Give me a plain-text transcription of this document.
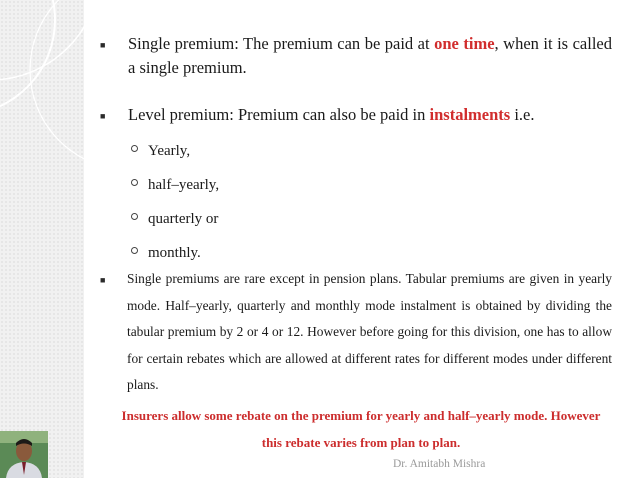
■ Single premium: The premium can be paid at one time, when it is called a single premium.
■ Level premium: Premium can also be paid in instalments i.e.
Yearly,
half–yearly,
quarterly or
monthly.
■ Single premiums are rare except in pension plans. Tabular premiums are given in yearly mode. Half–yearly, quarterly and monthly mode instalment is obtained by dividing the tabular premium by 2 or 4 or 12. However before going for this division, one has to allow for certain rebates which are allowed at different rates for different modes under different plans.
Insurers allow some rebate on the premium for yearly and half–yearly mode. However
this rebate varies from plan to plan.
Dr. Amitabh Mishra
